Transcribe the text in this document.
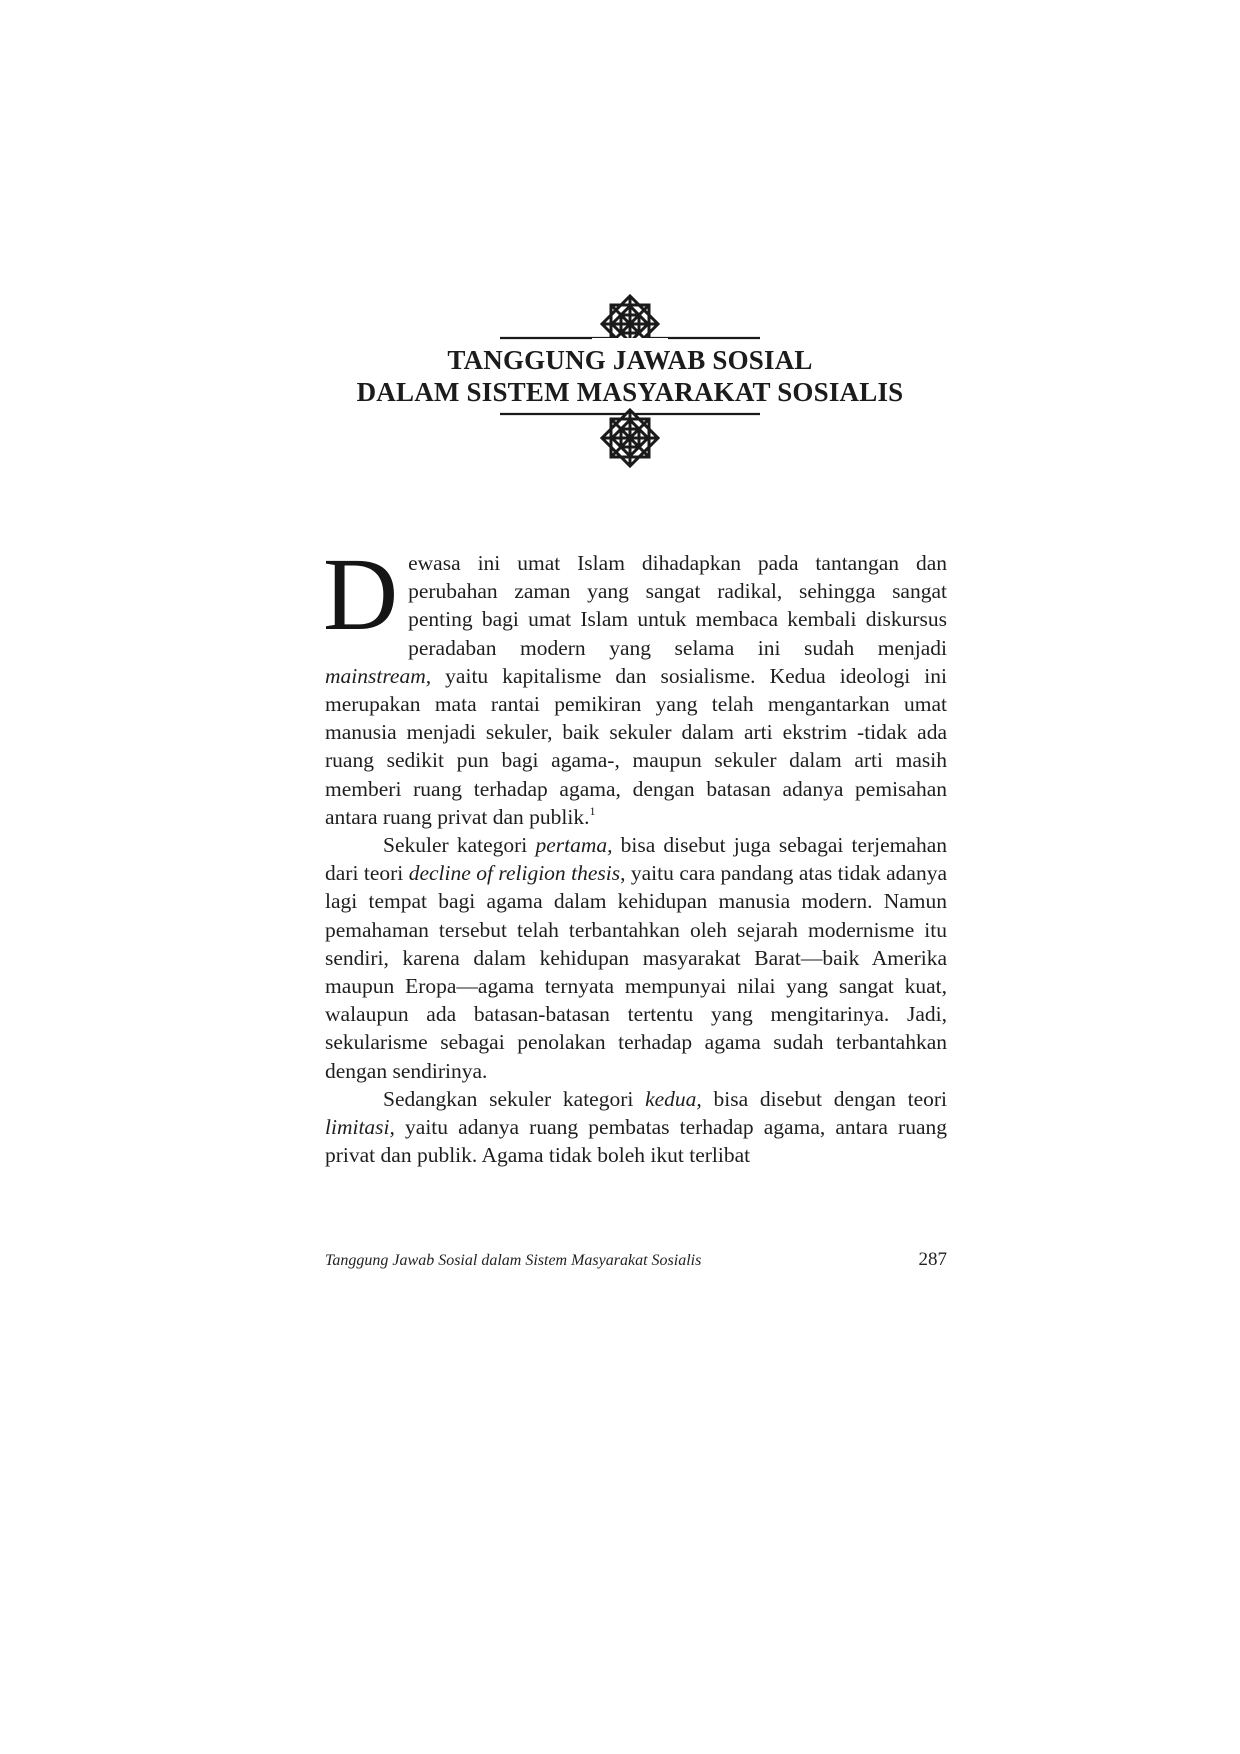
TANGGUNG JAWAB SOSIAL
DALAM SISTEM MASYARAKAT SOSIALIS

Dewasa ini umat Islam dihadapkan pada tantangan dan perubahan zaman yang sangat radikal, sehingga sangat penting bagi umat Islam untuk membaca kembali diskursus peradaban modern yang selama ini sudah menjadi mainstream, yaitu kapitalisme dan sosialisme. Kedua ideologi ini merupakan mata rantai pemikiran yang telah mengantarkan umat manusia menjadi sekuler, baik sekuler dalam arti ekstrim -tidak ada ruang sedikit pun bagi agama-, maupun sekuler dalam arti masih memberi ruang terhadap agama, dengan batasan adanya pemisahan antara ruang privat dan publik.$^1$

Sekuler kategori pertama, bisa disebut juga sebagai terjemahan dari teori decline of religion thesis, yaitu cara pandang atas tidak adanya lagi tempat bagi agama dalam kehidupan manusia modern. Namun pemahaman tersebut telah terbantahkan oleh sejarah modernisme itu sendiri, karena dalam kehidupan masyarakat Barat—baik Amerika maupun Eropa—agama ternyata mempunyai nilai yang sangat kuat, walaupun ada batasan-batasan tertentu yang mengitarinya. Jadi, sekularisme sebagai penolakan terhadap agama sudah terbantahkan dengan sendirinya.

Sedangkan sekuler kategori kedua, bisa disebut dengan teori limitasi, yaitu adanya ruang pembatas terhadap agama, antara ruang privat dan publik. Agama tidak boleh ikut terlibat

Tanggung Jawab Sosial dalam Sistem Masyarakat Sosialis	287
